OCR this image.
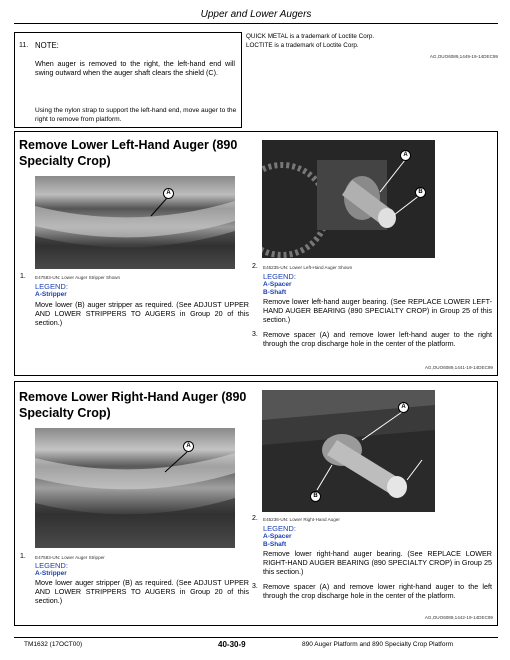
Upper and Lower Augers
11. NOTE:
When auger is removed to the right, the left-hand end will swing outward when the auger shaft clears the shield (C).
Using the nylon strap to support the left-hand end, move auger to the right to remove from platform.
QUICK METAL is a trademark of Loctite Corp.
LOCTITE is a trademark of Loctite Corp.
AG,OUO6089,1449-19-14DEC99
Remove Lower Left-Hand Auger (890 Specialty Crop)
A
1. E47583-UN: Lower Auger Stripper Shown
LEGEND:
A-Stripper
Move lower (B) auger stripper as required. (See ADJUST UPPER AND LOWER STRIPPERS TO AUGERS in Group 20 of this section.)
A
B
2. E45235-UN: Lower Left-Hand Auger Shown
LEGEND:
A-Spacer
B-Shaft
Remove lower left-hand auger bearing. (See REPLACE LOWER LEFT-HAND AUGER BEARING (890 SPECIALTY CROP) in Group 25 of this section.)
3. Remove spacer (A) and remove lower left-hand auger to the right through the crop discharge hole in the center of the platform.
AG,OUO6089,1441-19-14DEC99
Remove Lower Right-Hand Auger (890 Specialty Crop)
A
1. E47583-UN: Lower Auger Stripper
LEGEND:
A-Stripper
Move lower auger stripper (B) as required. (See ADJUST UPPER AND LOWER STRIPPERS TO AUGERS in Group 20 of this section.)
A
B
2. E45236-UN: Lower Right-Hand Auger
LEGEND:
A-Spacer
B-Shaft
Remove lower right-hand auger bearing. (See REPLACE LOWER RIGHT-HAND AUGER BEARING (890 SPECIALTY CROP) in Group 25 this section.)
3. Remove spacer (A) and remove lower right-hand auger to the left through the crop discharge hole in the center of the platform.
AG,OUO6089,1442-19-14DEC99
TM1632 (17OCT00)	40-30-9	890 Auger Platform and 890 Specialty Crop Platform
